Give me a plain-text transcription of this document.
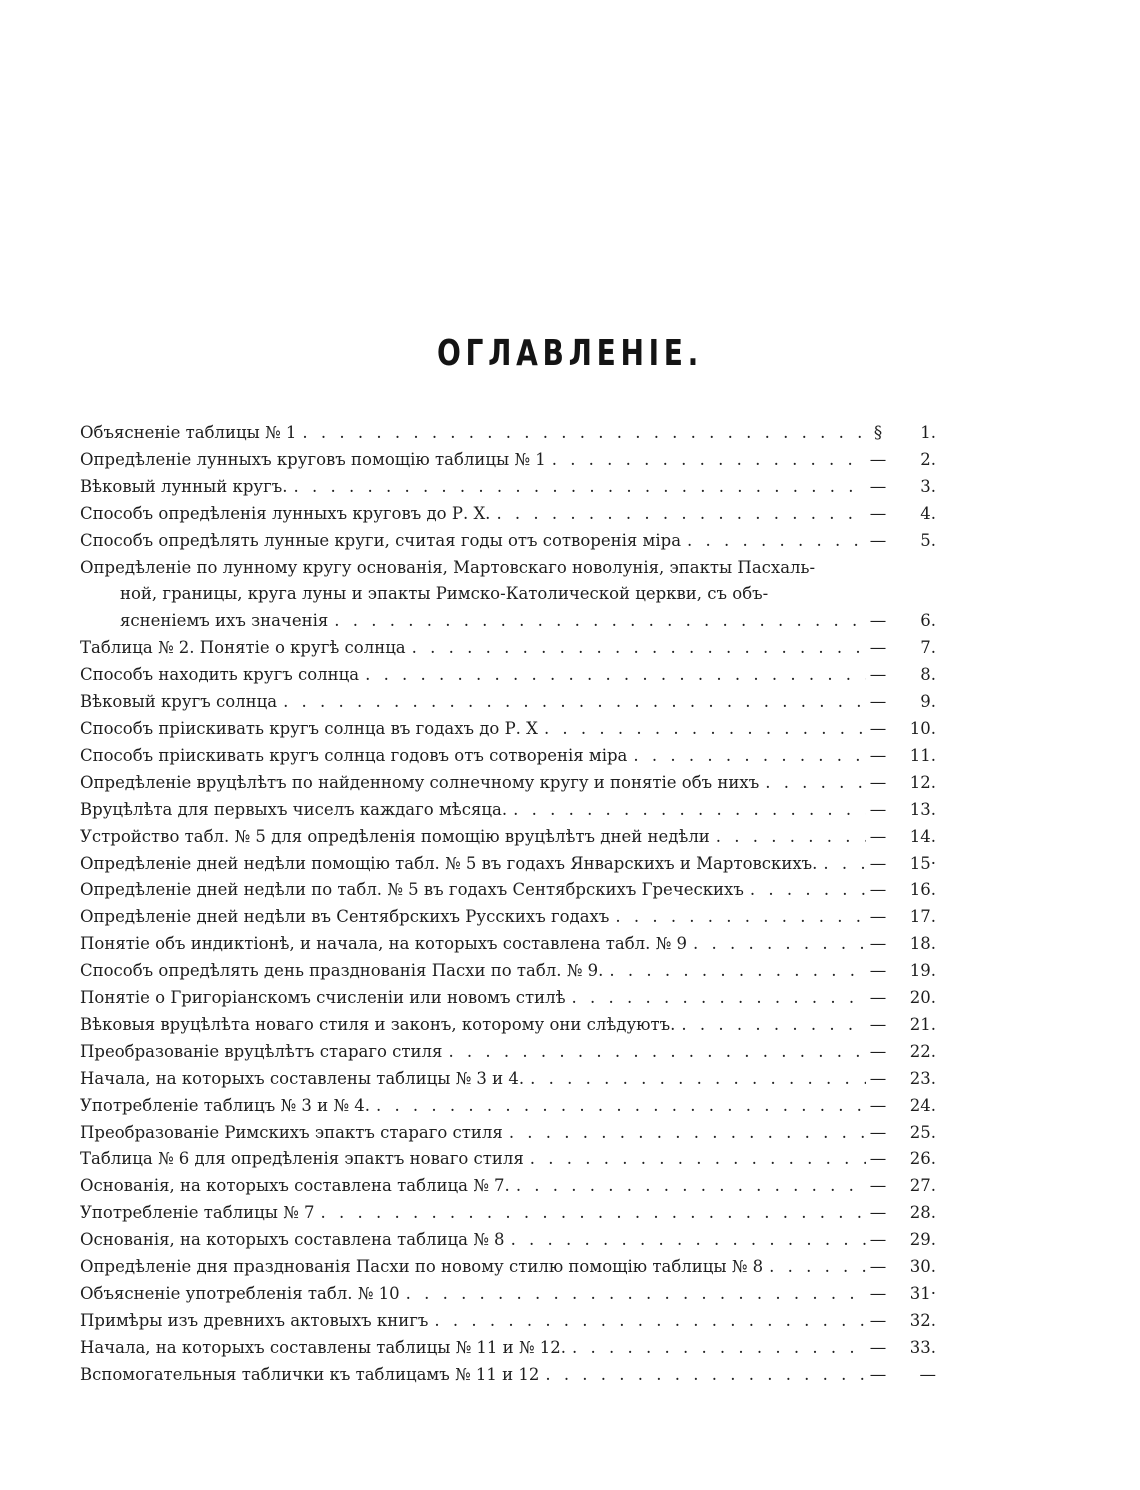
ОГЛАВЛЕНІЕ.
Объясненіе таблицы № 1 . . .	§	1.
Опредѣленіе лунныхъ круговъ помощію таблицы № 1 . . .	—	2.
Вѣковый лунный кругъ. . . .	—	3.
Способъ опредѣленія лунныхъ круговъ до Р. Х. . . .	—	4.
Способъ опредѣлять лунные круги, считая годы отъ сотворенія міра . . .	—	5.
Опредѣленіе по лунному кругу основанія, Мартовскаго новолунія, эпакты Пасхаль-
ной, границы, круга луны и эпакты Римско-Католической церкви, съ объ-
ясненіемъ ихъ значенія . . .	—	6.
Таблица № 2. Понятіе о кругѣ солнца . . .	—	7.
Способъ находить кругъ солнца . . .	—	8.
Вѣковый кругъ солнца . . .	—	9.
Способъ пріискивать кругъ солнца въ годахъ до Р. Х . . .	—	10.
Способъ пріискивать кругъ солнца годовъ отъ сотворенія міра . . .	—	11.
Опредѣленіе вруцѣлѣтъ по найденному солнечному кругу и понятіе объ нихъ . . .	—	12.
Вруцѣлѣта для первыхъ чиселъ каждаго мѣсяца. . . .	—	13.
Устройство табл. № 5 для опредѣленія помощію вруцѣлѣтъ дней недѣли . . .	—	14.
Опредѣленіе дней недѣли помощію табл. № 5 въ годахъ Январскихъ и Мартовскихъ. . . .	—	15·
Опредѣленіе дней недѣли по табл. № 5 въ годахъ Сентябрскихъ Греческихъ . . .	—	16.
Опредѣленіе дней недѣли въ Сентябрскихъ Русскихъ годахъ . . .	—	17.
Понятіе объ индиктіонѣ, и начала, на которыхъ составлена табл. № 9 . . .	—	18.
Способъ опредѣлять день празднованія Пасхи по табл. № 9. . . .	—	19.
Понятіе о Григоріанскомъ счисленіи или новомъ стилѣ . . .	—	20.
Вѣковыя вруцѣлѣта новаго стиля и законъ, которому они слѣдуютъ. . . .	—	21.
Преобразованіе вруцѣлѣтъ стараго стиля . . .	—	22.
Начала, на которыхъ составлены таблицы № 3 и 4. . . .	—	23.
Употребленіе таблицъ № 3 и № 4. . . .	—	24.
Преобразованіе Римскихъ эпактъ стараго стиля . . .	—	25.
Таблица № 6 для опредѣленія эпактъ новаго стиля . . .	—	26.
Основанія, на которыхъ составлена таблица № 7. . . .	—	27.
Употребленіе таблицы № 7 . . .	—	28.
Основанія, на которыхъ составлена таблица № 8 . . .	—	29.
Опредѣленіе дня празднованія Пасхи по новому стилю помощію таблицы № 8 . . .	—	30.
Объясненіе употребленія табл. № 10 . . .	—	31·
Примѣры изъ древнихъ актовыхъ книгъ . . .	—	32.
Начала, на которыхъ составлены таблицы № 11 и № 12. . . .	—	33.
Вспомогательныя таблички къ таблицамъ № 11 и 12 . . .	—	—
